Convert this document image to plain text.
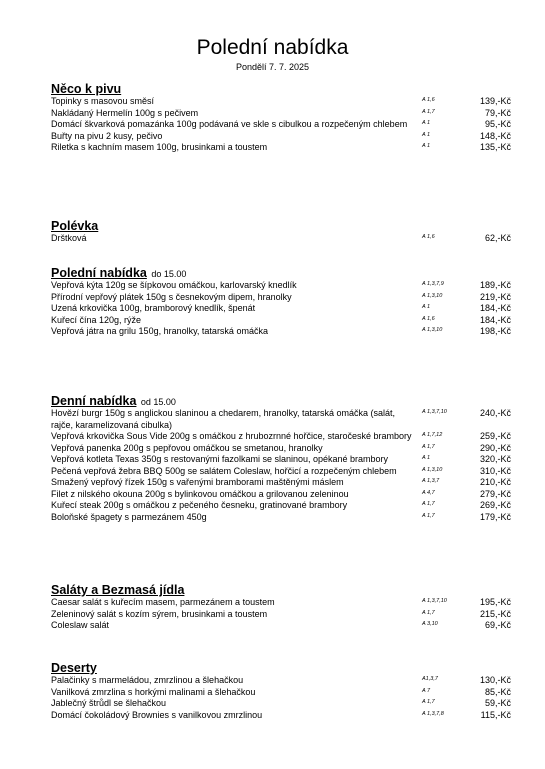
Polední nabídka
Pondělí 7. 7. 2025
Něco k pivu
Topinky s masovou směsí	A 1,6	139,-Kč
Nakládaný Hermelín 100g s pečivem	A 1,7	79,-Kč
Domácí škvarková pomazánka 100g podávaná ve skle s cibulkou a rozpečeným chlebem	A 1	95,-Kč
Buřty na pivu 2 kusy, pečivo	A 1	148,-Kč
Riletka s kachním masem 100g, brusinkami a toustem	A 1	135,-Kč
Polévka
Drštková	A 1,6	62,-Kč
Polední nabídka do 15.00
Vepřová kýta 120g se šípkovou omáčkou, karlovarský knedlík	A 1,3,7,9	189,-Kč
Přírodní vepřový plátek 150g s česnekovým dipem, hranolky	A 1,3,10	219,-Kč
Uzená krkovička 100g, bramborový knedlík, špenát	A 1	184,-Kč
Kuřecí čína 120g, rýže	A 1,6	184,-Kč
Vepřová játra na grilu 150g, hranolky, tatarská omáčka	A 1,3,10	198,-Kč
Denní nabídka od 15.00
Hovězí burgr 150g s anglickou slaninou a chedarem, hranolky, tatarská omáčka (salát, rajče, karamelizovaná cibulka)
A 1,3,7,10	240,-Kč
Vepřová krkovička Sous Vide 200g s omáčkou z hrubozrnné hořčice, staročeské brambory	A 1,7,12	259,-Kč
Vepřová panenka 200g s pepřovou omáčkou se smetanou, hranolky	A 1,7	290,-Kč
Vepřová kotleta Texas 350g s restovanými fazolkami se slaninou, opékané brambory	A 1	320,-Kč
Pečená vepřová žebra BBQ 500g se salátem Coleslaw, hořčicí a rozpečeným chlebem	A 1,3,10	310,-Kč
Smažený vepřový řízek 150g s vařenými bramborami maštěnými máslem	A 1,3,7	210,-Kč
Filet z nilského okouna 200g s bylinkovou omáčkou a grilovanou zeleninou	A 4,7	279,-Kč
Kuřecí steak 200g s omáčkou z pečeného česneku, gratinované brambory	A 1,7	269,-Kč
Boloňské špagety s parmezánem 450g	A 1,7	179,-Kč
Saláty a Bezmasá jídla
Caesar salát s kuřecím masem, parmezánem a toustem	A 1,3,7,10	195,-Kč
Zeleninový salát s kozím sýrem, brusinkami a toustem	A 1,7	215,-Kč
Coleslaw salát	A 3,10	69,-Kč
Deserty
Palačinky s marmeládou, zmrzlinou a šlehačkou	A1,3,7	130,-Kč
Vanilková zmrzlina s horkými malinami a šlehačkou	A 7	85,-Kč
Jablečný štrůdl se šlehačkou	A 1,7	59,-Kč
Domácí čokoládový Brownies s vanilkovou zmrzlinou	A 1,3,7,8	115,-Kč
